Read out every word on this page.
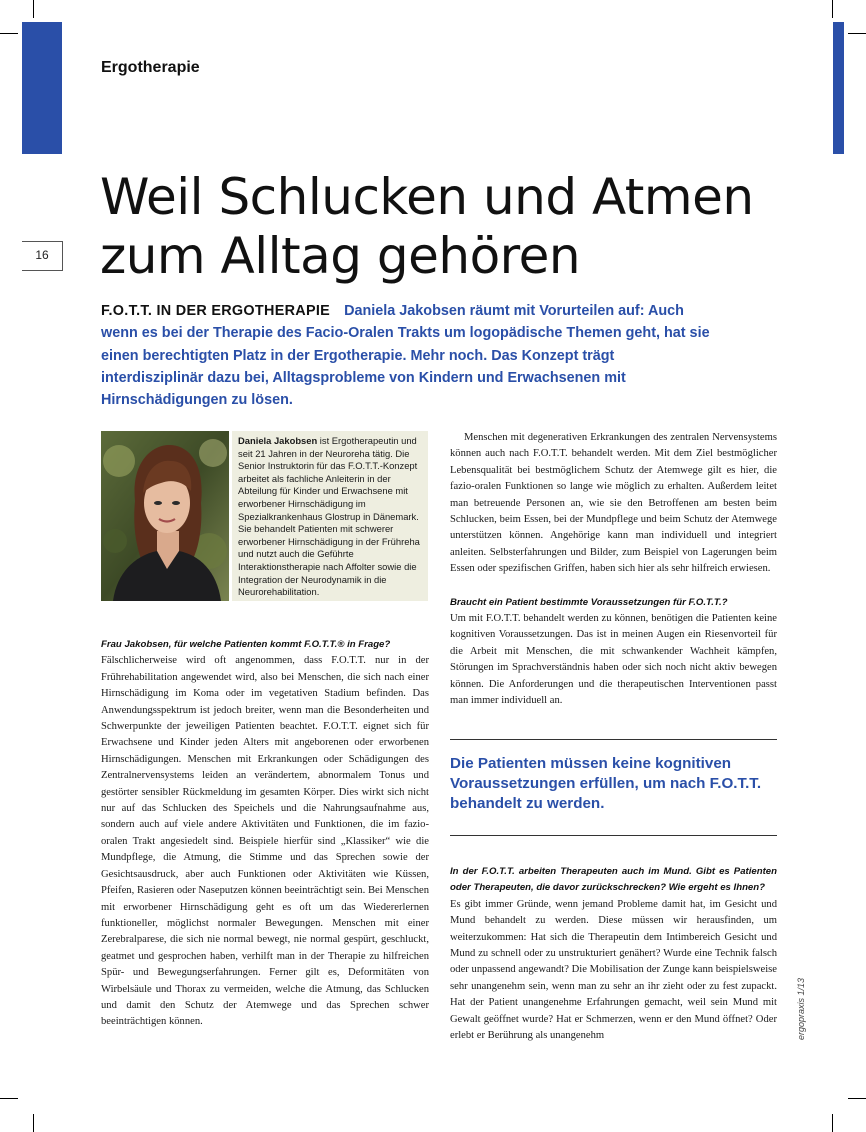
16
Ergotherapie
Weil Schlucken und Atmen
zum Alltag gehören

F.O.T.T. IN DER ERGOTHERAPIE Daniela Jakobsen räumt mit Vorurteilen auf: Auch wenn es bei der Therapie des Facio-Oralen Trakts um logopädische Themen geht, hat sie einen berechtigten Platz in der Ergotherapie. Mehr noch. Das Konzept trägt interdisziplinär dazu bei, Alltagsprobleme von Kindern und Erwachsenen mit Hirnschädigungen zu lösen.

Daniela Jakobsen ist Ergotherapeutin und seit 21 Jahren in der Neuroreha tätig. Die Senior Instruktorin für das F.O.T.T.-Konzept arbeitet als fachliche Anleiterin in der Abteilung für Kinder und Erwachsene mit erworbener Hirnschädigung im Spezialkrankenhaus Glostrup in Dänemark. Sie behandelt Patienten mit schwerer erworbener Hirnschädigung in der Frühreha und nutzt auch die Geführte Interaktionstherapie nach Affolter sowie die Integration der Neurodynamik in die Neurorehabilitation.

Frau Jakobsen, für welche Patienten kommt F.O.T.T.® in Frage?

Fälschlicherweise wird oft angenommen, dass F.O.T.T. nur in der Frührehabilitation angewendet wird, also bei Menschen, die sich nach einer Hirnschädigung im Koma oder im vegetativen Stadium befinden. Das Anwendungsspektrum ist jedoch breiter, wenn man die Besonderheiten und Schwerpunkte der jeweiligen Patienten beachtet. F.O.T.T. eignet sich für Erwachsene und Kinder jeden Alters mit angeborenen oder erworbenen Hirnschädigungen. Menschen mit Erkrankungen oder Schädigungen des Zentralnervensystems leiden an verändertem, abnormalem Tonus und gestörter sensibler Rückmeldung im gesamten Körper. Dies wirkt sich nicht nur auf das Schlucken des Speichels und die Nahrungsaufnahme aus, sondern auch auf viele andere Aktivitäten und Funktionen, die im fazio-oralen Trakt angesiedelt sind. Beispiele hierfür sind „Klassiker“ wie die Mundpflege, die Atmung, die Stimme und das Sprechen sowie der Gesichtsausdruck, aber auch Funktionen oder Aktivitäten wie Küssen, Pfeifen, Rasieren oder Naseputzen können beeinträchtigt sein. Bei Menschen mit erworbener Hirnschädigung geht es oft um das Wiedererlernen funktioneller, möglichst normaler Bewegungen. Menschen mit einer Zerebralparese, die sich nie normal bewegt, nie normal gespürt, geschluckt, geatmet und gesprochen haben, verhilft man in der Therapie zu hilfreichen Spür- und Bewegungserfahrungen. Ferner gilt es, Deformitäten von Wirbelsäule und Thorax zu vermeiden, welche die Atmung, das Schlucken und damit den Schutz der Atemwege und das Sprechen schwer beeinträchtigen können.

Menschen mit degenerativen Erkrankungen des zentralen Nervensystems können auch nach F.O.T.T. behandelt werden. Mit dem Ziel bestmöglicher Lebensqualität bei bestmöglichem Schutz der Atemwege gilt es hier, die fazio-oralen Funktionen so lange wie möglich zu erhalten. Außerdem leitet man betreuende Personen an, wie sie den Betroffenen am besten beim Schlucken, beim Essen, bei der Mundpflege und beim Schutz der Atemwege unterstützen können. Angehörige kann man individuell und integriert anleiten. Selbsterfahrungen und Bilder, zum Beispiel von Lagerungen beim Essen oder spezifischen Griffen, haben sich hier als sehr hilfreich erwiesen.

Braucht ein Patient bestimmte Voraussetzungen für F.O.T.T.?

Um mit F.O.T.T. behandelt werden zu können, benötigen die Patienten keine kognitiven Voraussetzungen. Das ist in meinen Augen ein Riesenvorteil für die Arbeit mit Menschen, die mit schwankender Wachheit kämpfen, Störungen im Sprachverständnis haben oder sich noch nicht aktiv bewegen können. Die Anforderungen und die therapeutischen Interventionen passt man immer individuell an.

Die Patienten müssen keine kognitiven Voraussetzungen erfüllen, um nach F.O.T.T. behandelt zu werden.

In der F.O.T.T. arbeiten Therapeuten auch im Mund. Gibt es Patienten oder Therapeuten, die davor zurückschrecken? Wie ergeht es Ihnen?

Es gibt immer Gründe, wenn jemand Probleme damit hat, im Gesicht und Mund behandelt zu werden. Diese müssen wir herausfinden, um weiterzukommen: Hat sich die Therapeutin dem Intimbereich Gesicht und Mund zu schnell oder zu unstrukturiert genähert? Wurde eine Technik falsch oder unpassend angewandt? Die Mobilisation der Zunge kann beispielsweise sehr unangenehm sein, wenn man zu sehr an ihr zieht oder zu fest zupackt. Hat der Patient unangenehme Erfahrungen gemacht, weil sein Mund mit Gewalt geöffnet wurde? Hat er Schmerzen, wenn er den Mund öffnet? Oder erlebt er Berührung als unangenehm	ergopraxis 1/13
